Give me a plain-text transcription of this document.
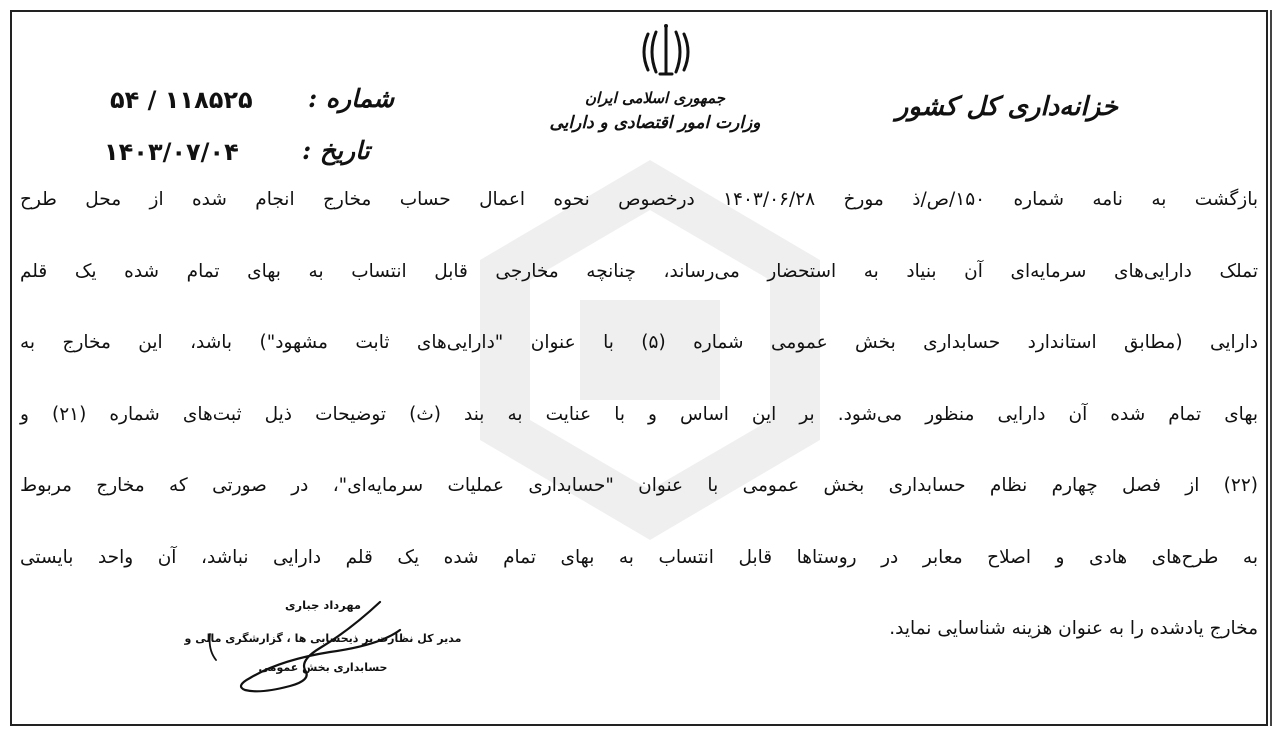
جمهوری اسلامی ایران
وزارت امور اقتصادی و دارایی
خزانه‌داری کل کشور
شماره :
۵۴ / ۱۱۸۵۲۵
تاریخ :
۱۴۰۳/۰۷/۰۴
بازگشت به نامه شماره ۱۵۰/ص/ذ مورخ ۱۴۰۳/۰۶/۲۸ درخصوص نحوه اعمال حساب مخارج انجام شده از محل طرح
تملک دارایی‌های سرمایه‌ای آن بنیاد به استحضار می‌رساند، چنانچه مخارجی قابل انتساب به بهای تمام شده یک قلم
دارایی (مطابق استاندارد حسابداری بخش عمومی شماره (۵) با عنوان "دارایی‌های ثابت مشهود") باشد، این مخارج به
بهای تمام شده آن دارایی منظور می‌شود. بر این اساس و با عنایت به بند (ث) توضیحات ذیل ثبت‌های شماره (۲۱) و
(۲۲) از فصل چهارم نظام حسابداری بخش عمومی با عنوان "حسابداری عملیات سرمایه‌ای"، در صورتی که مخارج مربوط
به طرح‌های هادی و اصلاح معابر در روستاها قابل انتساب به بهای تمام شده یک قلم دارایی نباشد، آن واحد بایستی
مخارج یادشده را به عنوان هزینه شناسایی نماید.
مهرداد جباری
مدیر کل نظارت بر ذیحسابی ها ، گزارشگری مالی و
حسابداری بخش عمومی
